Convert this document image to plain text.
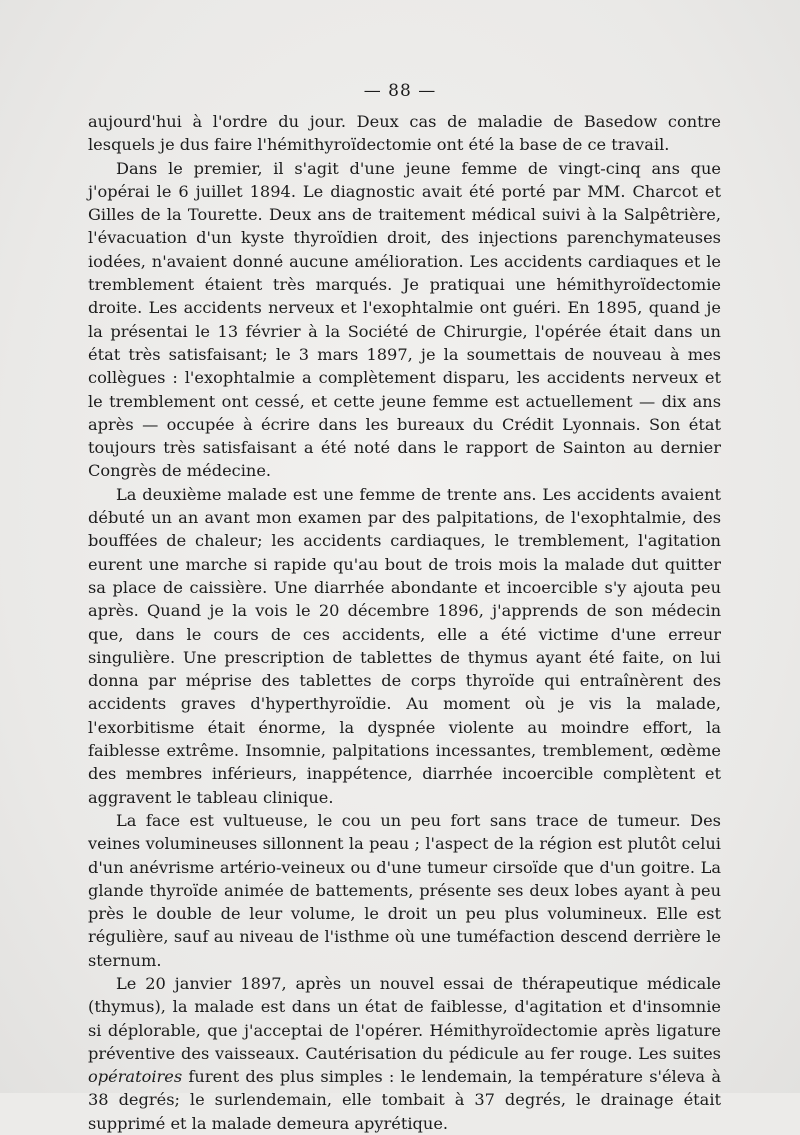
— 88 —

aujourd'hui à l'ordre du jour. Deux cas de maladie de Basedow contre lesquels je dus faire l'hémithyroïdectomie ont été la base de ce travail.

Dans le premier, il s'agit d'une jeune femme de vingt-cinq ans que j'opérai le 6 juillet 1894. Le diagnostic avait été porté par MM. Charcot et Gilles de la Tourette. Deux ans de traitement médical suivi à la Salpêtrière, l'évacuation d'un kyste thyroïdien droit, des injections parenchymateuses iodées, n'avaient donné aucune amélioration. Les accidents cardiaques et le tremblement étaient très marqués. Je pratiquai une hémithyroïdectomie droite. Les accidents nerveux et l'exophtalmie ont guéri. En 1895, quand je la présentai le 13 février à la Société de Chirurgie, l'opérée était dans un état très satisfaisant; le 3 mars 1897, je la soumettais de nouveau à mes collègues : l'exophtalmie a complètement disparu, les accidents nerveux et le tremblement ont cessé, et cette jeune femme est actuellement — dix ans après — occupée à écrire dans les bureaux du Crédit Lyonnais. Son état toujours très satisfaisant a été noté dans le rapport de Sainton au dernier Congrès de médecine.

La deuxième malade est une femme de trente ans. Les accidents avaient débuté un an avant mon examen par des palpitations, de l'exophtalmie, des bouffées de chaleur; les accidents cardiaques, le tremblement, l'agitation eurent une marche si rapide qu'au bout de trois mois la malade dut quitter sa place de caissière. Une diarrhée abondante et incoercible s'y ajouta peu après. Quand je la vois le 20 décembre 1896, j'apprends de son médecin que, dans le cours de ces accidents, elle a été victime d'une erreur singulière. Une prescription de tablettes de thymus ayant été faite, on lui donna par méprise des tablettes de corps thyroïde qui entraînèrent des accidents graves d'hyperthyroïdie. Au moment où je vis la malade, l'exorbitisme était énorme, la dyspnée violente au moindre effort, la faiblesse extrême. Insomnie, palpitations incessantes, tremblement, œdème des membres inférieurs, inappétence, diarrhée incoercible complètent et aggravent le tableau clinique.

La face est vultueuse, le cou un peu fort sans trace de tumeur. Des veines volumineuses sillonnent la peau ; l'aspect de la région est plutôt celui d'un anévrisme artério-veineux ou d'une tumeur cirsoïde que d'un goitre. La glande thyroïde animée de battements, présente ses deux lobes ayant à peu près le double de leur volume, le droit un peu plus volumineux. Elle est régulière, sauf au niveau de l'isthme où une tuméfaction descend derrière le sternum.

Le 20 janvier 1897, après un nouvel essai de thérapeutique médicale (thymus), la malade est dans un état de faiblesse, d'agitation et d'insomnie si déplorable, que j'acceptai de l'opérer. Hémithyroïdectomie après ligature préventive des vaisseaux. Cautérisation du pédicule au fer rouge. Les suites opératoires furent des plus simples : le lendemain, la température s'éleva à 38 degrés; le surlendemain, elle tombait à 37 degrés, le drainage était supprimé et la malade demeura apyrétique.
